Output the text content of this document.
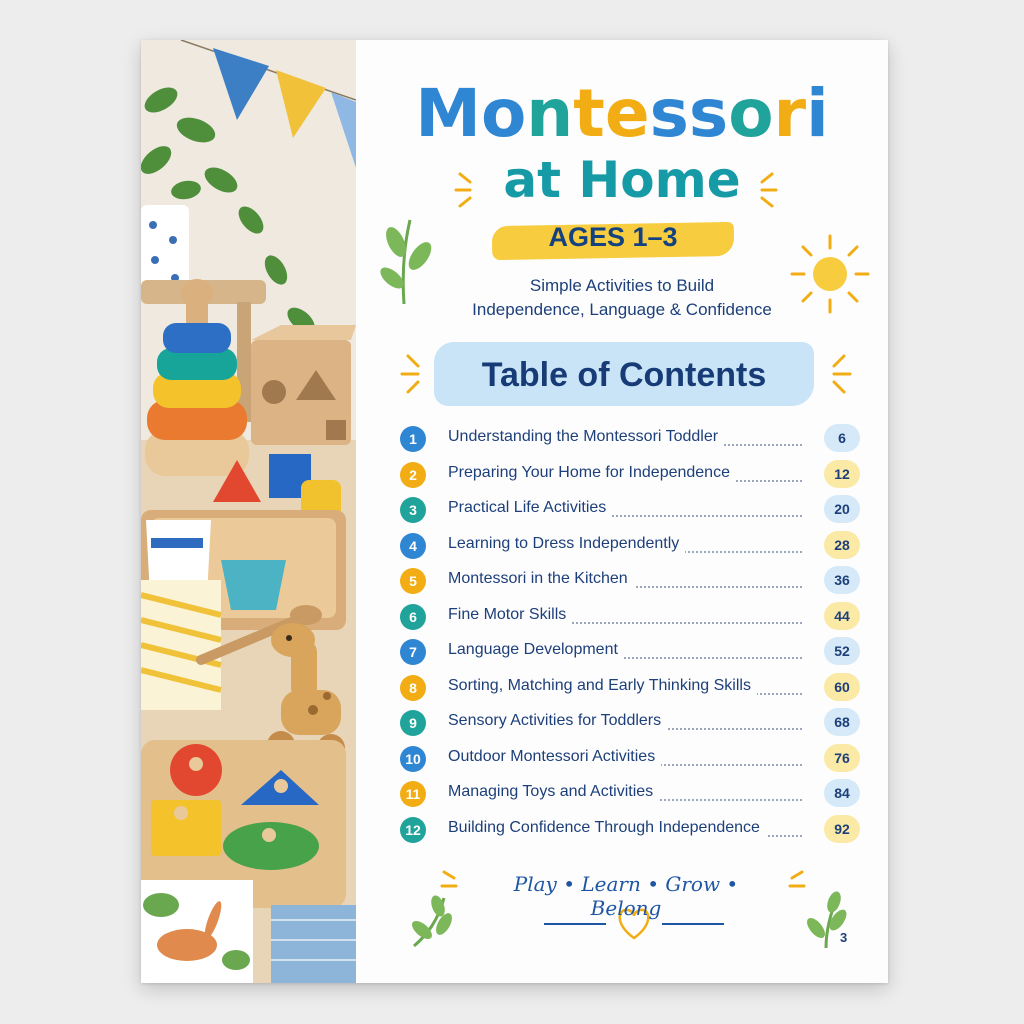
Montessori
at Home
AGES 1–3
Simple Activities to Build
Independence, Language & Confidence
Table of Contents
1	Understanding the Montessori Toddler	6
2	Preparing Your Home for Independence	12
3	Practical Life Activities	20
4	Learning to Dress Independently	28
5	Montessori in the Kitchen	36
6	Fine Motor Skills	44
7	Language Development	52
8	Sorting, Matching and Early Thinking Skills	60
9	Sensory Activities for Toddlers	68
10	Outdoor Montessori Activities	76
11	Managing Toys and Activities	84
12	Building Confidence Through Independence	92
Play • Learn • Grow • Belong
3
